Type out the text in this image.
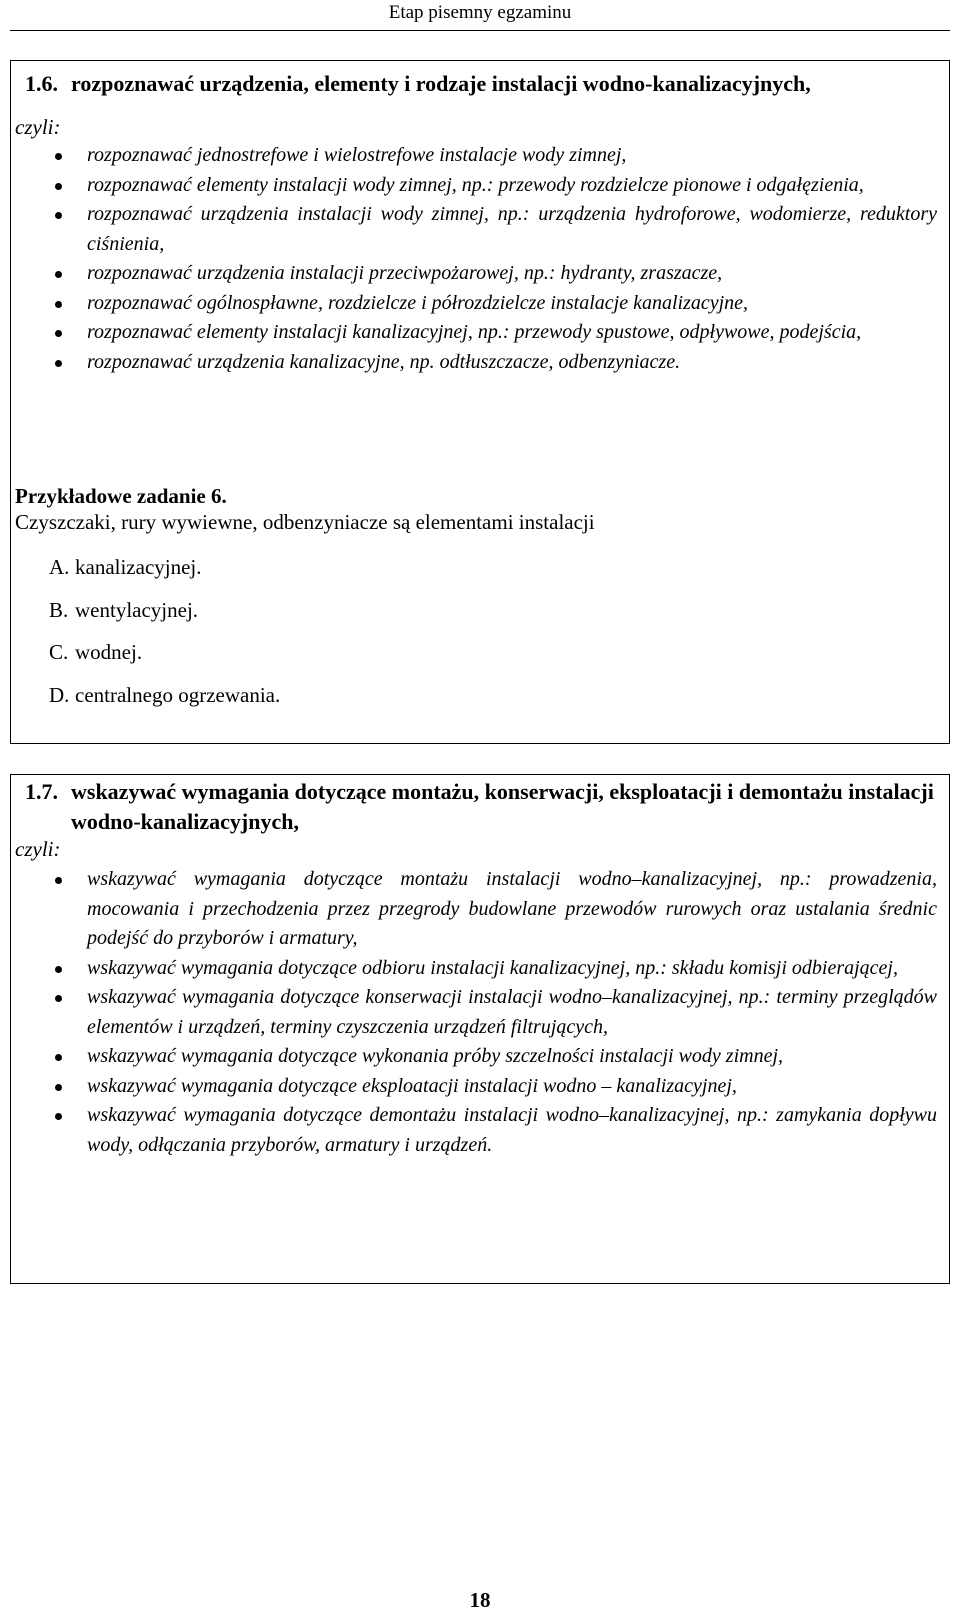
Etap pisemny egzaminu
1.6. rozpoznawać urządzenia, elementy i rodzaje instalacji wodno-kanalizacyjnych,
czyli:
rozpoznawać jednostrefowe i wielostrefowe instalacje wody zimnej,
rozpoznawać elementy instalacji wody zimnej, np.: przewody rozdzielcze pionowe i odgałęzienia,
rozpoznawać urządzenia instalacji wody zimnej, np.: urządzenia hydroforowe, wodomierze, reduktory ciśnienia,
rozpoznawać urządzenia instalacji przeciwpożarowej, np.: hydranty, zraszacze,
rozpoznawać ogólnospławne, rozdzielcze i półrozdzielcze instalacje kanalizacyjne,
rozpoznawać elementy instalacji kanalizacyjnej, np.: przewody spustowe, odpływowe, podejścia,
rozpoznawać urządzenia kanalizacyjne, np. odtłuszczacze, odbenzyniacze.
Przykładowe zadanie 6.
Czyszczaki, rury wywiewne, odbenzyniacze są elementami instalacji
A. kanalizacyjnej.
B. wentylacyjnej.
C. wodnej.
D. centralnego ogrzewania.
1.7. wskazywać wymagania dotyczące montażu, konserwacji, eksploatacji i demontażu instalacji wodno-kanalizacyjnych,
czyli:
wskazywać wymagania dotyczące montażu instalacji wodno–kanalizacyjnej, np.: prowadzenia, mocowania i przechodzenia przez przegrody budowlane przewodów rurowych oraz ustalania średnic podejść do przyborów i armatury,
wskazywać wymagania dotyczące odbioru instalacji kanalizacyjnej, np.: składu komisji odbierającej,
wskazywać wymagania dotyczące konserwacji instalacji wodno–kanalizacyjnej, np.: terminy przeglądów elementów i urządzeń, terminy czyszczenia urządzeń filtrujących,
wskazywać wymagania dotyczące wykonania próby szczelności instalacji wody zimnej,
wskazywać wymagania dotyczące eksploatacji instalacji wodno – kanalizacyjnej,
wskazywać wymagania dotyczące demontażu instalacji wodno–kanalizacyjnej, np.: zamykania dopływu wody, odłączania przyborów, armatury i urządzeń.
18
